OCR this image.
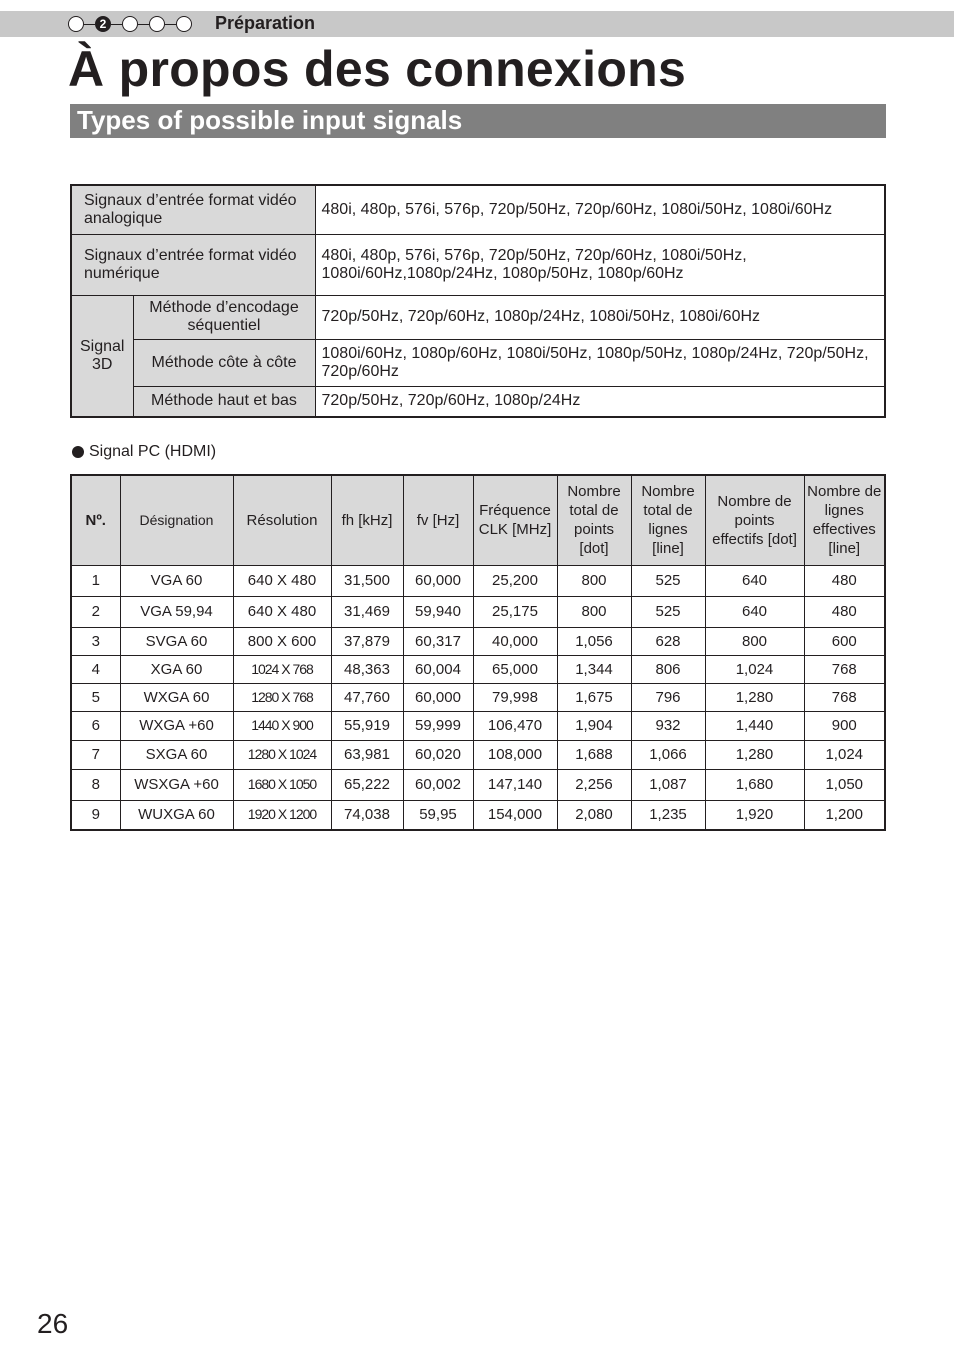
2	Préparation
À propos des connexions
Types of possible input signals
Signaux d’entrée format vidéo analogique		480i, 480p, 576i, 576p, 720p/50Hz, 720p/60Hz, 1080i/50Hz, 1080i/60Hz
Signaux d’entrée format vidéo numérique		480i, 480p, 576i, 576p, 720p/50Hz, 720p/60Hz, 1080i/50Hz, 1080i/60Hz,1080p/24Hz, 1080p/50Hz, 1080p/60Hz
Signal 3D	Méthode d’encodage séquentiel	720p/50Hz, 720p/60Hz, 1080p/24Hz, 1080i/50Hz, 1080i/60Hz
	Méthode côte à côte	1080i/60Hz, 1080p/60Hz, 1080i/50Hz, 1080p/50Hz, 1080p/24Hz, 720p/50Hz, 720p/60Hz
	Méthode haut et bas	720p/50Hz, 720p/60Hz, 1080p/24Hz
Signal PC (HDMI)
Nº.	Désignation	Résolution	fh [kHz]	fv [Hz]	Fréquence CLK [MHz]	Nombre total de points [dot]	Nombre total de lignes [line]	Nombre de points effectifs [dot]	Nombre de lignes effectives [line]
1	VGA 60	640 X 480	31,500	60,000	25,200	800	525	640	480
2	VGA 59,94	640 X 480	31,469	59,940	25,175	800	525	640	480
3	SVGA 60	800 X 600	37,879	60,317	40,000	1,056	628	800	600
4	XGA 60	1024 X 768	48,363	60,004	65,000	1,344	806	1,024	768
5	WXGA 60	1280 X 768	47,760	60,000	79,998	1,675	796	1,280	768
6	WXGA +60	1440 X 900	55,919	59,999	106,470	1,904	932	1,440	900
7	SXGA 60	1280 X 1024	63,981	60,020	108,000	1,688	1,066	1,280	1,024
8	WSXGA +60	1680 X 1050	65,222	60,002	147,140	2,256	1,087	1,680	1,050
9	WUXGA 60	1920 X 1200	74,038	59,95	154,000	2,080	1,235	1,920	1,200
26
